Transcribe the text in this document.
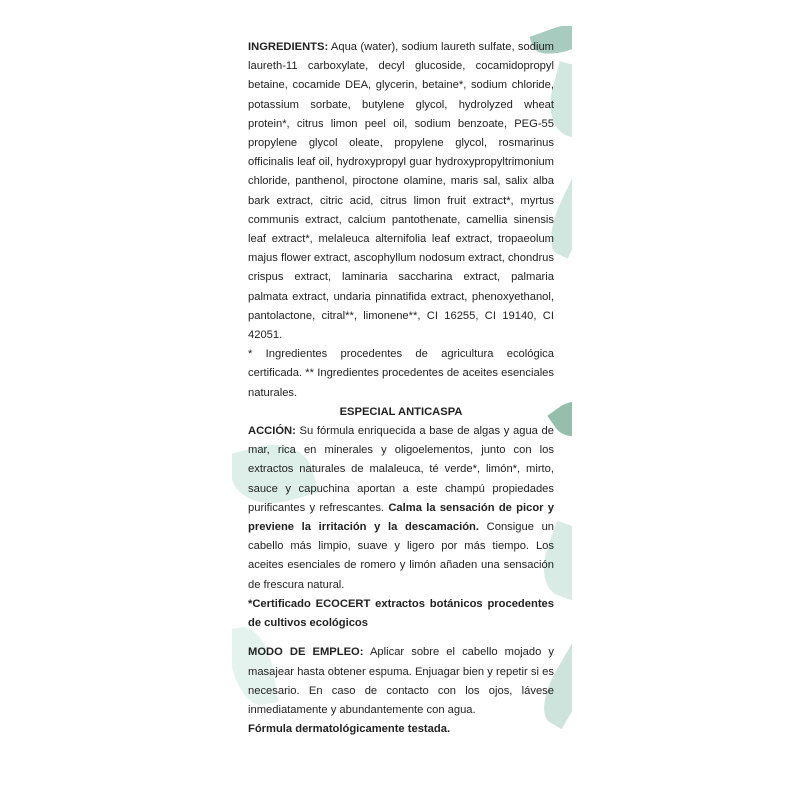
INGREDIENTS: Aqua (water), sodium laureth sulfate, sodium laureth-11 carboxylate, decyl glucoside, cocamidopropyl betaine, cocamide DEA, glycerin, betaine*, sodium chloride, potassium sorbate, butylene glycol, hydrolyzed wheat protein*, citrus limon peel oil, sodium benzoate, PEG-55 propylene glycol oleate, propylene glycol, rosmarinus officinalis leaf oil, hydroxypropyl guar hydroxypropyltrimonium chloride, panthenol, piroctone olamine, maris sal, salix alba bark extract, citric acid, citrus limon fruit extract*, myrtus communis extract, calcium pantothenate, camellia sinensis leaf extract*, melaleuca alternifolia leaf extract, tropaeolum majus flower extract, ascophyllum nodosum extract, chondrus crispus extract, laminaria saccharina extract, palmaria palmata extract, undaria pinnatifida extract, phenoxyethanol, pantolactone, citral**, limonene**, CI 16255, CI 19140, CI 42051.

* Ingredientes procedentes de agricultura ecológica certificada. ** Ingredientes procedentes de aceites esenciales naturales.

ESPECIAL ANTICASPA

ACCIÓN: Su fórmula enriquecida a base de algas y agua de mar, rica en minerales y oligoelementos, junto con los extractos naturales de malaleuca, té verde*, limón*, mirto, sauce y capuchina aportan a este champú propiedades purificantes y refrescantes. Calma la sensación de picor y previene la irritación y la descamación. Consigue un cabello más limpio, suave y ligero por más tiempo. Los aceites esenciales de romero y limón añaden una sensación de frescura natural.

*Certificado ECOCERT extractos botánicos procedentes de cultivos ecológicos

MODO DE EMPLEO: Aplicar sobre el cabello mojado y masajear hasta obtener espuma. Enjuagar bien y repetir si es necesario. En caso de contacto con los ojos, lávese inmediatamente y abundantemente con agua.

Fórmula dermatológicamente testada.
